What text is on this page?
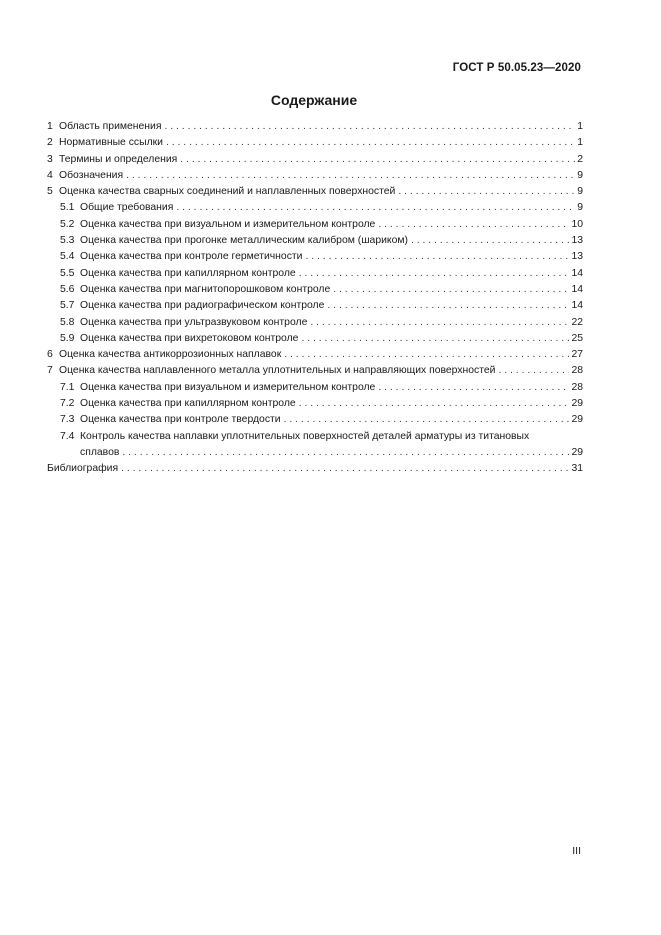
ГОСТ Р 50.05.23—2020
Содержание
1 Область применения . . .	1
2 Нормативные ссылки . . .	1
3 Термины и определения . . .	2
4 Обозначения . . .	9
5 Оценка качества сварных соединений и наплавленных поверхностей . . .	9
5.1 Общие требования . . .	9
5.2 Оценка качества при визуальном и измерительном контроле . . .	10
5.3 Оценка качества при прогонке металлическим калибром (шариком) . . .	13
5.4 Оценка качества при контроле герметичности . . .	13
5.5 Оценка качества при капиллярном контроле . . .	14
5.6 Оценка качества при магнитопорошковом контроле . . .	14
5.7 Оценка качества при радиографическом контроле . . .	14
5.8 Оценка качества при ультразвуковом контроле . . .	22
5.9 Оценка качества при вихретоковом контроле . . .	25
6 Оценка качества антикоррозионных наплавок . . .	27
7 Оценка качества наплавленного металла уплотнительных и направляющих поверхностей . . .	28
7.1 Оценка качества при визуальном и измерительном контроле . . .	28
7.2 Оценка качества при капиллярном контроле . . .	29
7.3 Оценка качества при контроле твердости . . .	29
7.4 Контроль качества наплавки уплотнительных поверхностей деталей арматуры из титановых
сплавов . . .	29
Библиография . . .	31
III
